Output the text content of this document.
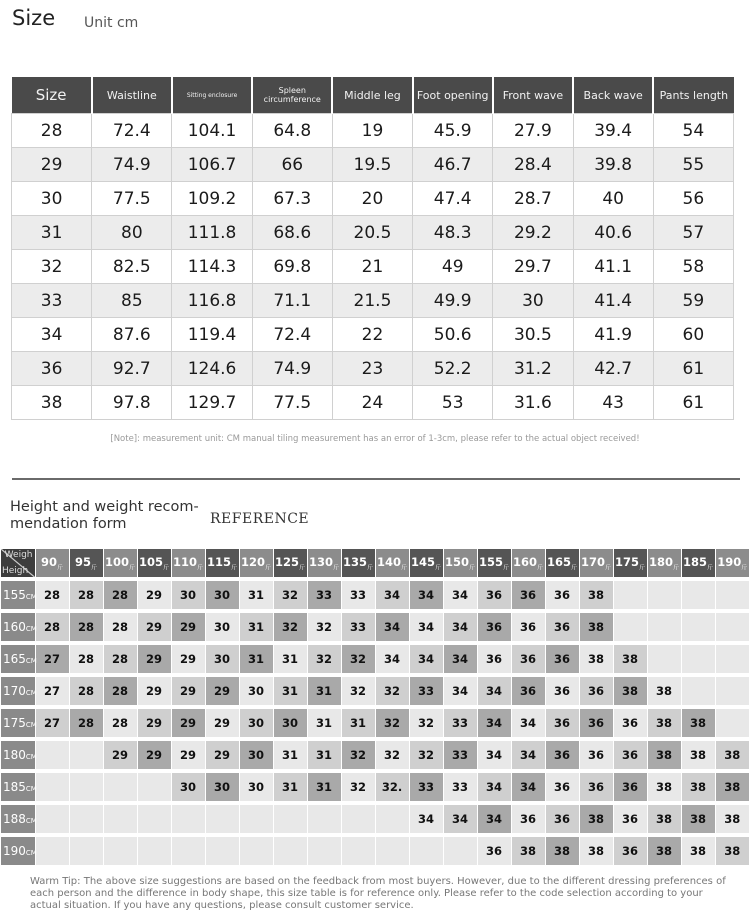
Size Unit cm
Size	Waistline	Sitting enclosure	Spleen circumference	Middle leg	Foot opening	Front wave	Back wave	Pants length
28	72.4	104.1	64.8	19	45.9	27.9	39.4	54
29	74.9	106.7	66	19.5	46.7	28.4	39.8	55
30	77.5	109.2	67.3	20	47.4	28.7	40	56
31	80	111.8	68.6	20.5	48.3	29.2	40.6	57
32	82.5	114.3	69.8	21	49	29.7	41.1	58
33	85	116.8	71.1	21.5	49.9	30	41.4	59
34	87.6	119.4	72.4	22	50.6	30.5	41.9	60
36	92.7	124.6	74.9	23	52.2	31.2	42.7	61
38	97.8	129.7	77.5	24	53	31.6	43	61
[Note]: measurement unit: CM manual tiling measurement has an error of 1-3cm, please refer to the actual object received!
Height and weight recom-mendation form	REFERENCE
Weigh
Heigh	$90_斤$	$95_斤$	$100_斤$	$105_斤$	$110_斤$	$115_斤$	$120_斤$	$125_斤$	$130_斤$	$135_斤$	$140_斤$	$145_斤$	$150_斤$	$155_斤$	$160_斤$	$165_斤$	$170_斤$	$175_斤$	$180_斤$	$185_斤$	$190_斤$
155CM	28	28	28	29	30	30	31	32	33	33	34	34	34	36	36	36	38				
160CM	28	28	28	29	29	30	31	32	32	33	34	34	34	36	36	36	38				
165CM	27	28	28	29	29	30	31	31	32	32	34	34	34	36	36	36	38	38			
170CM	27	28	28	29	29	29	30	31	31	32	32	33	34	34	36	36	36	38	38		
175CM	27	28	28	29	29	29	30	30	31	31	32	32	33	34	34	36	36	36	38	38	
180CM			29	29	29	29	30	31	31	32	32	32	33	34	34	36	36	36	38	38	38
185CM					30	30	30	31	31	32	32.	33	33	34	34	36	36	36	38	38	38
188CM												34	34	34	36	36	38	36	38	38	38
190CM														36	38	38	38	36	38	38	38
Warm Tip: The above size suggestions are based on the feedback from most buyers. However, due to the different dressing preferences of each person and the difference in body shape, this size table is for reference only. Please refer to the code selection according to your actual situation. If you have any questions, please consult customer service.
